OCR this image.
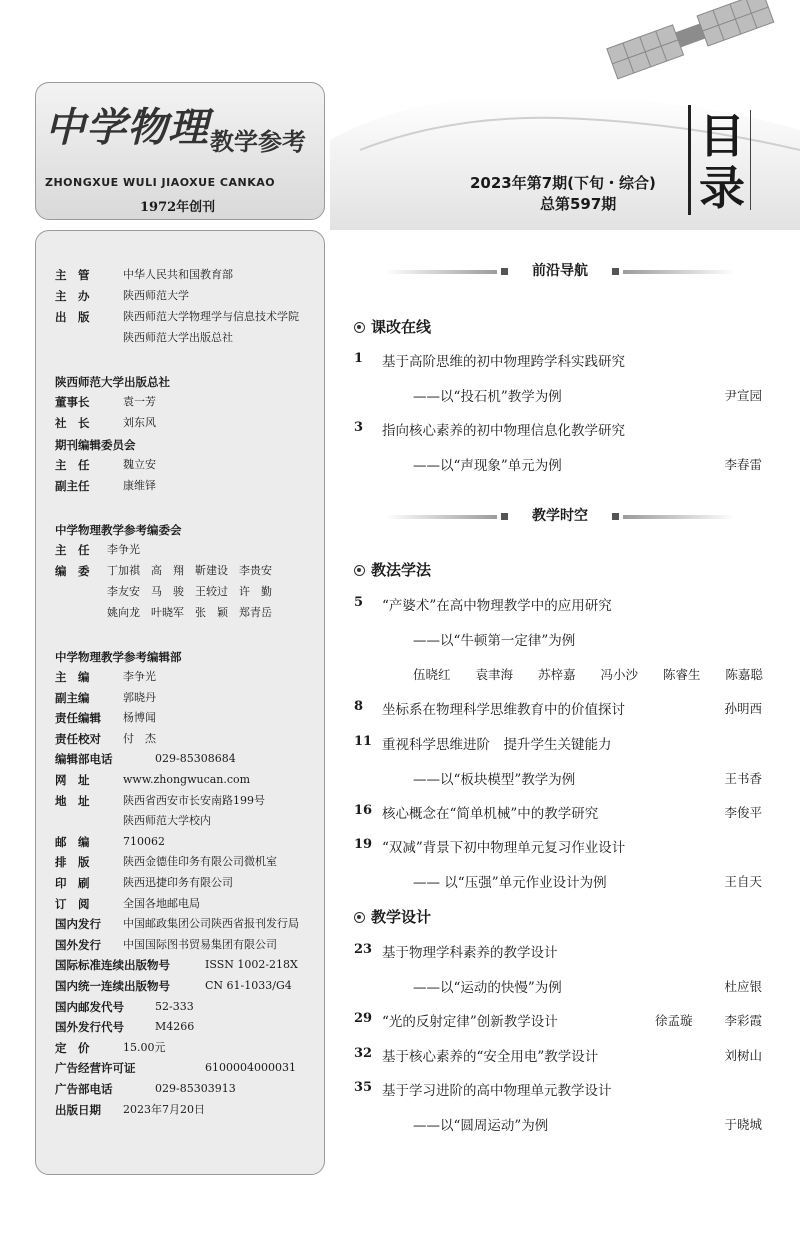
中学物理 教学参考
ZHONGXUE WULI JIAOXUE CANKAO
1972年创刊
2023年第7期(下旬・综合)
总第597期
目
录
主　管	中华人民共和国教育部
主　办	陕西师范大学
出　版	陕西师范大学物理学与信息技术学院
陕西师范大学出版总社
陕西师范大学出版总社
董事长	袁一芳
社　长	刘东风
期刊编辑委员会
主　任	魏立安
副主任	康维铎
中学物理教学参考编委会
主　任 李争光
编　委 丁加祺　高　翔　靳建设　李贵安
李友安　马　骏　王较过　许　勤
姚向龙　叶晓军　张　颖　郑青岳
中学物理教学参考编辑部
主　编	李争光
副主编	郭晓丹
责任编辑 杨博闻
责任校对 付　杰
编辑部电话	029-85308684
网　址	www.zhongwucan.com
地　址	陕西省西安市长安南路199号
陕西师范大学校内
邮　编	710062
排　版	陕西金德佳印务有限公司微机室
印　刷	陕西迅捷印务有限公司
订　阅	全国各地邮电局
国内发行 中国邮政集团公司陕西省报刊发行局
国外发行 中国国际图书贸易集团有限公司
国际标准连续出版物号	ISSN 1002-218X
国内统一连续出版物号	CN 61-1033/G4
国内邮发代号	52-333
国外发行代号	M4266
定　价	15.00元
广告经营许可证	6100004000031
广告部电话	029-85303913
出版日期 2023年7月20日
前沿导航
课改在线
1 基于高阶思维的初中物理跨学科实践研究
——以“投石机”教学为例	尹宣园
3 指向核心素养的初中物理信息化教学研究
——以“声现象”单元为例	李春雷
教学时空
教法学法
5 “产婆术”在高中物理教学中的应用研究
——以“牛顿第一定律”为例
伍晓红 袁聿海 苏梓嘉 冯小沙 陈睿生 陈嘉聪
8 坐标系在物理科学思维教育中的价值探讨	孙明西
11 重视科学思维进阶　提升学生关键能力
——以“板块模型”教学为例	王书香
16 核心概念在“简单机械”中的教学研究	李俊平
19 “双减”背景下初中物理单元复习作业设计
—— 以“压强”单元作业设计为例	王自天
教学设计
23 基于物理学科素养的教学设计
——以“运动的快慢”为例	杜应银
29 “光的反射定律”创新教学设计	徐孟璇	李彩霞
32 基于核心素养的“安全用电”教学设计	刘树山
35 基于学习进阶的高中物理单元教学设计
——以“圆周运动”为例	于晓城
